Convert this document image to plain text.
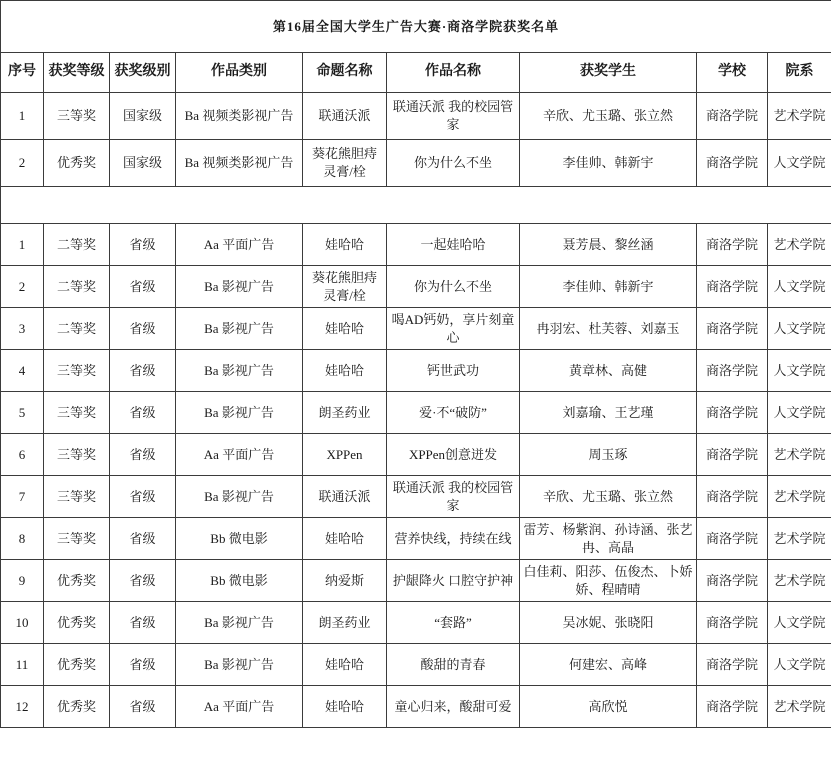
第16届全国大学生广告大赛·商洛学院获奖名单								
序号	获奖等级	获奖级别	作品类别	命题名称	作品名称	获奖学生	学校	院系
1	三等奖	国家级	Ba 视频类影视广告	联通沃派	联通沃派 我的校园管家	辛欣、尤玉璐、张立然	商洛学院	艺术学院
2	优秀奖	国家级	Ba 视频类影视广告	葵花熊胆痔灵膏/栓	你为什么不坐	李佳帅、韩新宇	商洛学院	人文学院

1	二等奖	省级	Aa 平面广告	娃哈哈	一起娃哈哈	聂芳晨、黎丝涵	商洛学院	艺术学院
2	二等奖	省级	Ba 影视广告	葵花熊胆痔灵膏/栓	你为什么不坐	李佳帅、韩新宇	商洛学院	人文学院
3	二等奖	省级	Ba 影视广告	娃哈哈	喝AD钙奶，享片刻童心	冉羽宏、杜芙蓉、刘嘉玉	商洛学院	人文学院
4	三等奖	省级	Ba 影视广告	娃哈哈	钙世武功	黄章林、高健	商洛学院	人文学院
5	三等奖	省级	Ba 影视广告	朗圣药业	爱·不“破防”	刘嘉瑜、王艺瑾	商洛学院	人文学院
6	三等奖	省级	Aa 平面广告	XPPen	XPPen创意迸发	周玉琢	商洛学院	艺术学院
7	三等奖	省级	Ba 影视广告	联通沃派	联通沃派 我的校园管家	辛欣、尤玉璐、张立然	商洛学院	艺术学院
8	三等奖	省级	Bb 微电影	娃哈哈	营养快线，持续在线	雷芳、杨紫润、孙诗涵、张艺冉、高晶	商洛学院	艺术学院
9	优秀奖	省级	Bb 微电影	纳爱斯	护龈降火 口腔守护神	白佳莉、阳莎、伍俊杰、卜娇娇、程晴晴	商洛学院	艺术学院
10	优秀奖	省级	Ba 影视广告	朗圣药业	“套路”	吴冰妮、张晓阳	商洛学院	人文学院
11	优秀奖	省级	Ba 影视广告	娃哈哈	酸甜的青春	何建宏、高峰	商洛学院	人文学院
12	优秀奖	省级	Aa 平面广告	娃哈哈	童心归来，酸甜可爱	高欣悦	商洛学院	艺术学院
